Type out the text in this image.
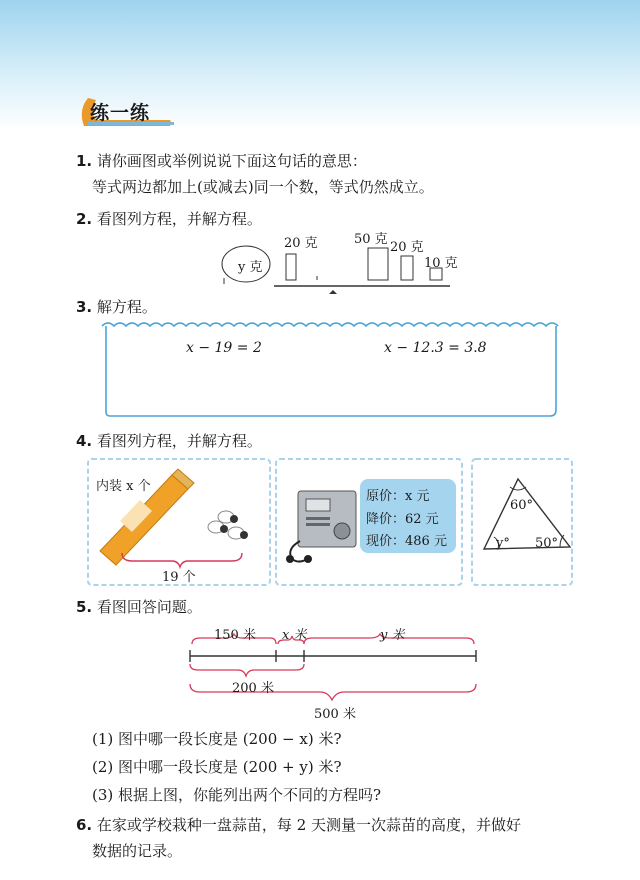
练一练
1. 请你画图或举例说说下面这句话的意思：
等式两边都加上(或减去)同一个数，等式仍然成立。
2. 看图列方程，并解方程。
y 克
20 克	50 克
20 克
10 克
3. 解方程。
x − 19 = 2	x − 12.3 = 3.8
4. 看图列方程，并解方程。
内装 x 个
19 个
原价：x 元
降价：62 元
现价：486 元
60°
y° 50°
5. 看图回答问题。
150 米 x 米	y 米
200 米
500 米
(1) 图中哪一段长度是 (200 − x) 米?
(2) 图中哪一段长度是 (200 + y) 米?
(3) 根据上图，你能列出两个不同的方程吗?
6. 在家或学校栽种一盘蒜苗，每 2 天测量一次蒜苗的高度，并做好
数据的记录。
